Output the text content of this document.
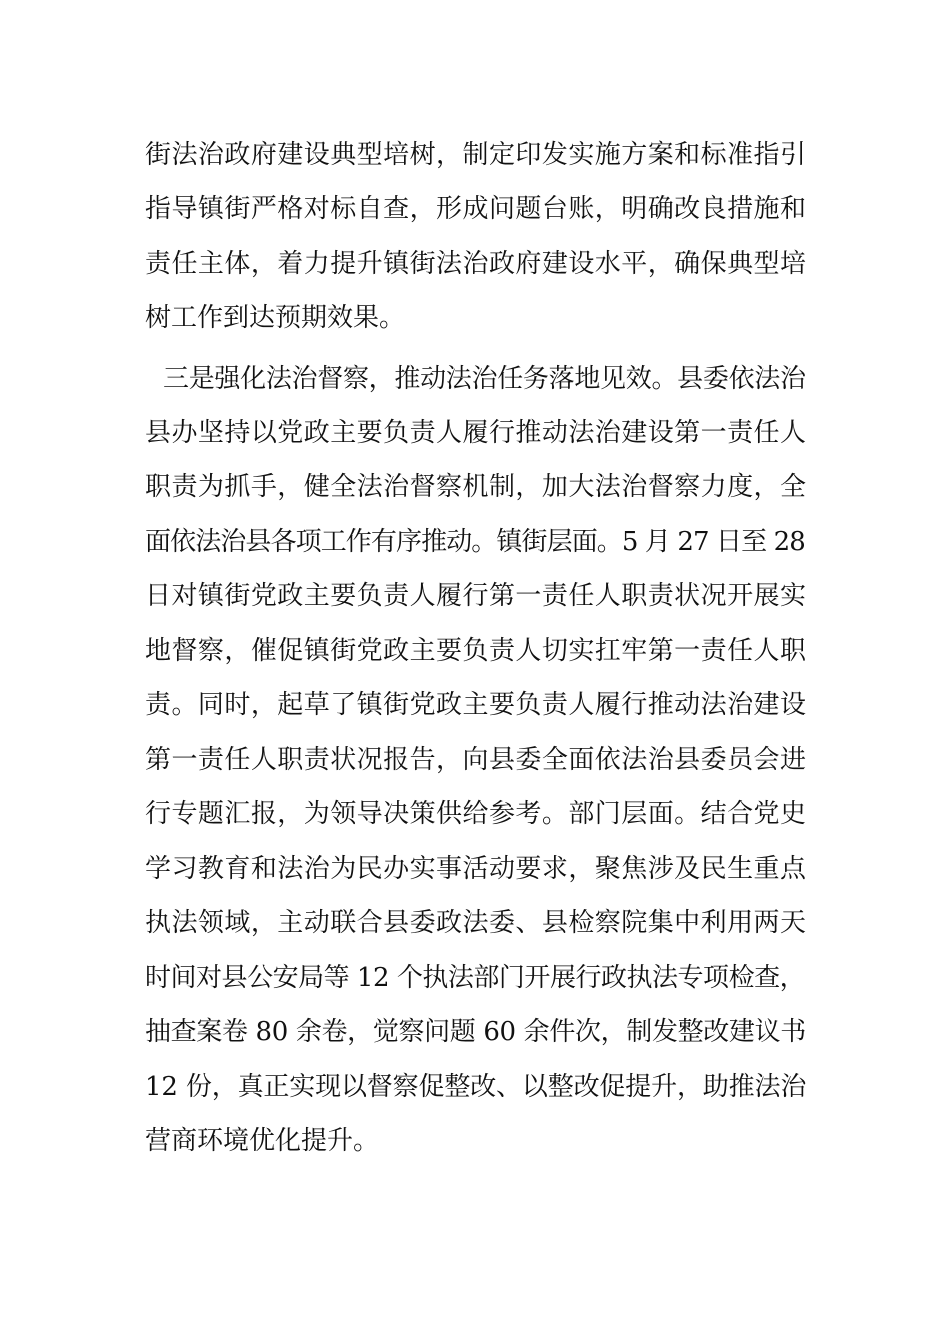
街法治政府建设典型培树，制定印发实施方案和标准指引
指导镇街严格对标自查，形成问题台账，明确改良措施和
责任主体，着力提升镇街法治政府建设水平，确保典型培
树工作到达预期效果。
三是强化法治督察，推动法治任务落地见效。县委依法治
县办坚持以党政主要负责人履行推动法治建设第一责任人
职责为抓手，健全法治督察机制，加大法治督察力度，全
面依法治县各项工作有序推动。镇街层面。5 月 27 日至 28
日对镇街党政主要负责人履行第一责任人职责状况开展实
地督察，催促镇街党政主要负责人切实扛牢第一责任人职
责。同时，起草了镇街党政主要负责人履行推动法治建设
第一责任人职责状况报告，向县委全面依法治县委员会进
行专题汇报，为领导决策供给参考。部门层面。结合党史
学习教育和法治为民办实事活动要求，聚焦涉及民生重点
执法领域，主动联合县委政法委、县检察院集中利用两天
时间对县公安局等 12 个执法部门开展行政执法专项检查，
抽查案卷 80 余卷，觉察问题 60 余件次，制发整改建议书
12 份，真正实现以督察促整改、以整改促提升，助推法治
营商环境优化提升。
